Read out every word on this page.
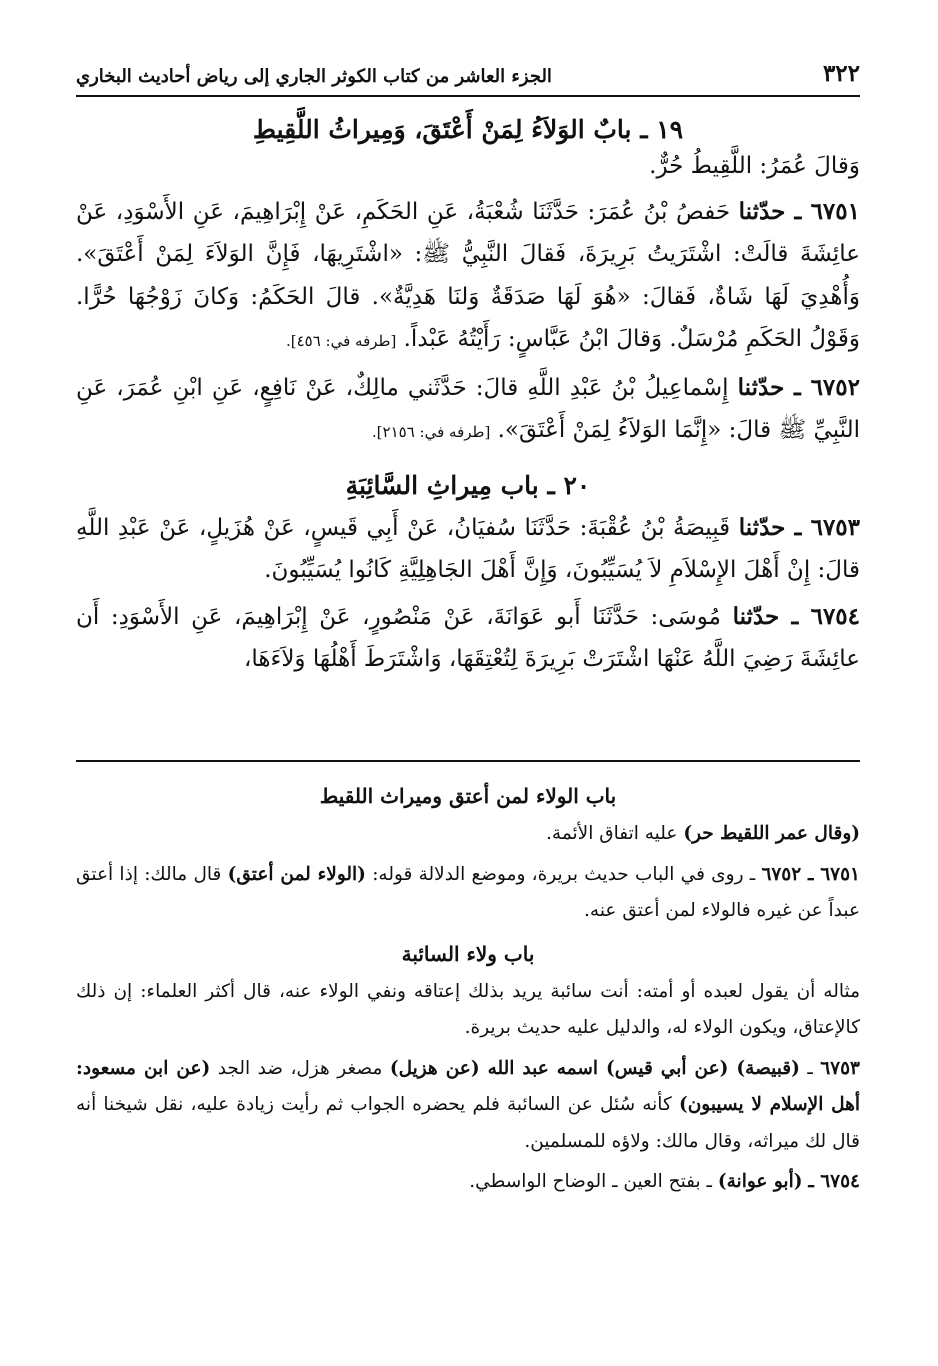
٣٢٢
الجزء العاشر من كتاب الكوثر الجاري إلى رياض أحاديث البخاري
١٩ ـ بابٌ الوَلاَءُ لِمَنْ أَعْتَقَ، وَمِيراثُ اللَّقِيطِ
وَقالَ عُمَرُ: اللَّقِيطُ حُرٌّ.

٦٧٥١ ـ حدّثنا حَفصُ بْنُ عُمَرَ: حَدَّثَنَا شُعْبَةُ، عَنِ الحَكَمِ، عَنْ إِبْرَاهِيمَ، عَنِ الأَسْوَدِ، عَنْ عائِشَةَ قالَتْ: اشْتَرَيتُ بَرِيرَةَ، فَقالَ النَّبِيُّ ﷺ: «اشْتَرِيهَا، فَإِنَّ الوَلاَءَ لِمَنْ أَعْتَقَ». وَأُهْدِيَ لَهَا شَاةٌ، فَقالَ: «هُوَ لَهَا صَدَقَةٌ وَلنَا هَدِيَّةٌ». قالَ الحَكَمُ: وَكانَ زَوْجُهَا حُرًّا. وَقَوْلُ الحَكَمِ مُرْسَلٌ. وَقالَ ابْنُ عَبَّاسٍ: رَأَيْتُهُ عَبْداً. [طرفه في: ٤٥٦].

٦٧٥٢ ـ حدّثنا إِسْماعِيلُ بْنُ عَبْدِ اللَّهِ قالَ: حَدَّثَني مالِكٌ، عَنْ نَافِعٍ، عَنِ ابْنِ عُمَرَ، عَنِ النَّبِيِّ ﷺ قالَ: «إِنَّمَا الوَلاَءُ لِمَنْ أَعْتَقَ». [طرفه في: ٢١٥٦].

٢٠ ـ باب مِيراثِ السَّائِبَةِ

٦٧٥٣ ـ حدّثنا قَبِيصَةُ بْنُ عُقْبَةَ: حَدَّثَنَا سُفيَانُ، عَنْ أَبِي قَيسٍ، عَنْ هُزَيلٍ، عَنْ عَبْدِ اللَّهِ قالَ: إِنْ أَهْلَ الإِسْلاَمِ لاَ يُسَيِّبُونَ، وَإِنَّ أَهْلَ الجَاهِلِيَّةِ كَانُوا يُسَيِّبُونَ.

٦٧٥٤ ـ حدّثنا مُوسَى: حَدَّثَنَا أَبو عَوَانَةَ، عَنْ مَنْصُورٍ، عَنْ إِبْرَاهِيمَ، عَنِ الأَسْوَدِ: أَن عائِشَةَ رَضِيَ اللَّهُ عَنْهَا اشْتَرَتْ بَرِيرَةَ لِتُعْتِقَهَا، وَاشْتَرَطَ أَهْلُهَا وَلاَءَهَا،

باب الولاء لمن أعتق وميراث اللقيط

(وقال عمر اللقيط حر) عليه اتفاق الأئمة.

٦٧٥١ ـ ٦٧٥٢ ـ روى في الباب حديث بريرة، وموضع الدلالة قوله: (الولاء لمن أعتق) قال مالك: إذا أعتق عبداً عن غيره فالولاء لمن أعتق عنه.

باب ولاء السائبة

مثاله أن يقول لعبده أو أمته: أنت سائبة يريد بذلك إعتاقه ونفي الولاء عنه، قال أكثر العلماء: إن ذلك كالإعتاق، ويكون الولاء له، والدليل عليه حديث بريرة.

٦٧٥٣ ـ (قبيصة) (عن أبي قيس) اسمه عبد الله (عن هزيل) مصغر هزل، ضد الجد (عن ابن مسعود: أهل الإسلام لا يسيبون) كأنه سُئل عن السائبة فلم يحضره الجواب ثم رأيت زيادة عليه، نقل شيخنا أنه قال لك ميراثه، وقال مالك: ولاؤه للمسلمين.

٦٧٥٤ ـ (أبو عوانة) ـ بفتح العين ـ الوضاح الواسطي.
